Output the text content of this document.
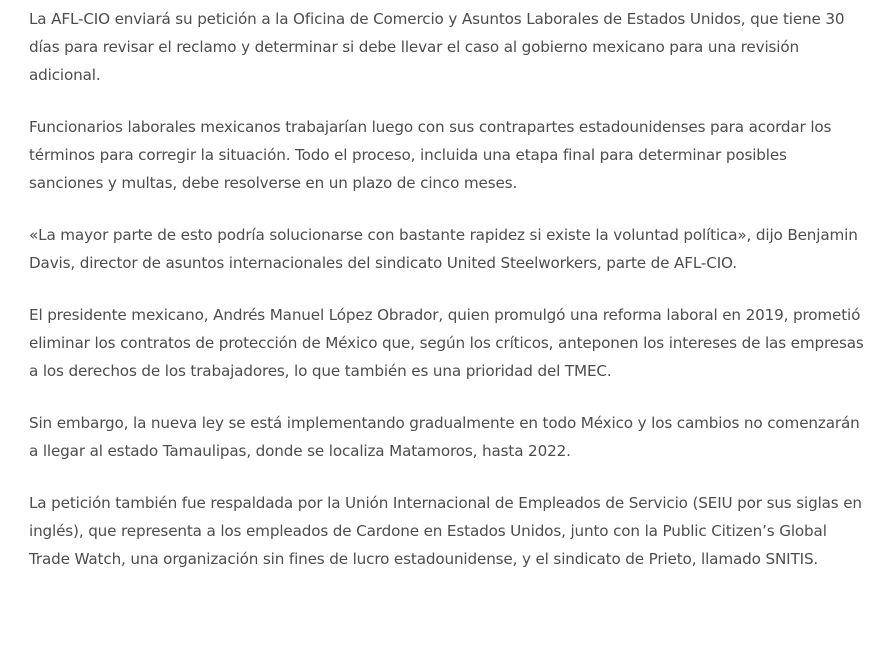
La AFL-CIO enviará su petición a la Oficina de Comercio y Asuntos Laborales de Estados Unidos, que tiene 30 días para revisar el reclamo y determinar si debe llevar el caso al gobierno mexicano para una revisión adicional.

Funcionarios laborales mexicanos trabajarían luego con sus contrapartes estadounidenses para acordar los términos para corregir la situación. Todo el proceso, incluida una etapa final para determinar posibles sanciones y multas, debe resolverse en un plazo de cinco meses.

«La mayor parte de esto podría solucionarse con bastante rapidez si existe la voluntad política», dijo Benjamin Davis, director de asuntos internacionales del sindicato United Steelworkers, parte de AFL-CIO.

El presidente mexicano, Andrés Manuel López Obrador, quien promulgó una reforma laboral en 2019, prometió eliminar los contratos de protección de México que, según los críticos, anteponen los intereses de las empresas a los derechos de los trabajadores, lo que también es una prioridad del TMEC.

Sin embargo, la nueva ley se está implementando gradualmente en todo México y los cambios no comenzarán a llegar al estado Tamaulipas, donde se localiza Matamoros, hasta 2022.

La petición también fue respaldada por la Unión Internacional de Empleados de Servicio (SEIU por sus siglas en inglés), que representa a los empleados de Cardone en Estados Unidos, junto con la Public Citizen’s Global Trade Watch, una organización sin fines de lucro estadounidense, y el sindicato de Prieto, llamado SNITIS.
